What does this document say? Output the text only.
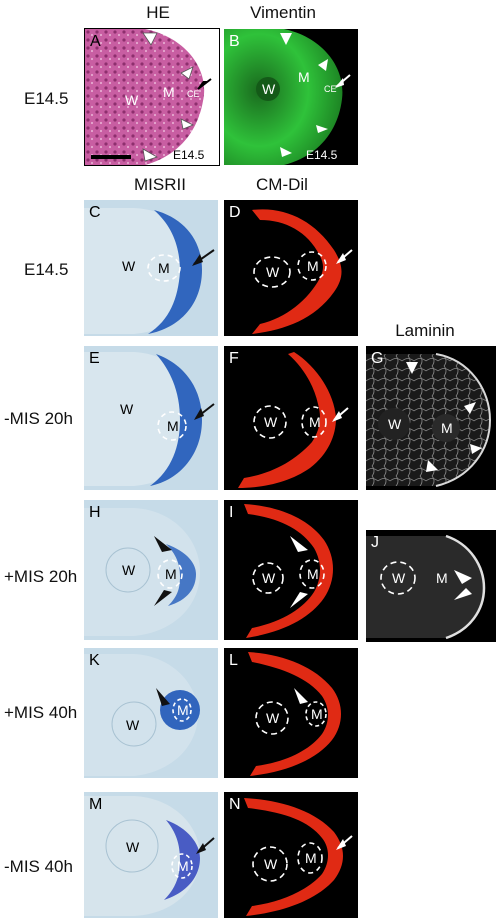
HE	Vimentin
MISRII	CM-Dil
Laminin
E14.5
E14.5
-MIS 20h
+MIS 20h
+MIS 40h
-MIS 40h
A
W M CE
E14.5
B
W
M
CE
E14.5
C
W M
D
W M
E
W
M
F
W M
G
W	M
H
W M
I
W M
J
W M
K
W
M
L
W M
M
W
M
N
W M
